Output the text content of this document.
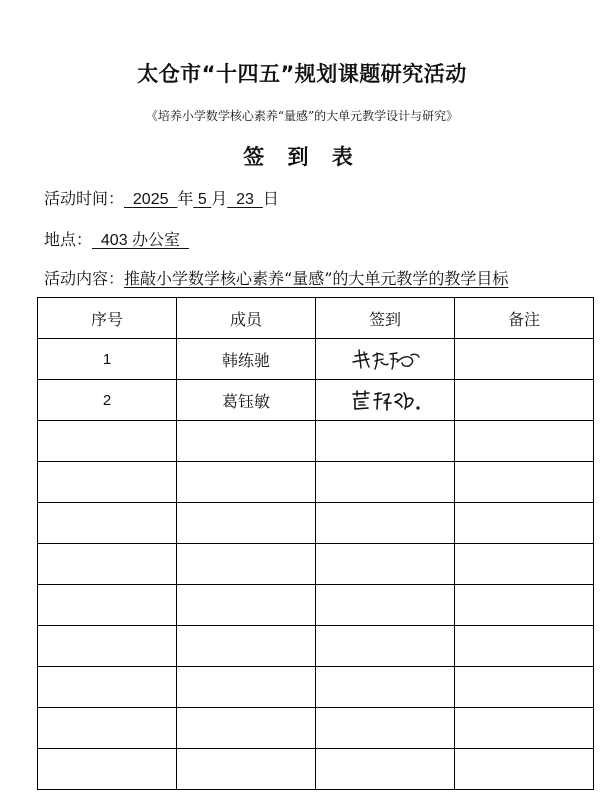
太仓市“十四五”规划课题研究活动
《培养小学数学核心素养“量感”的大单元教学设计与研究》
签 到 表
活动时间： 2025 年 5 月 23 日
地点： 403 办公室
活动内容：推敲小学数学核心素养“量感”的大单元教学的教学目标
序号	成员	签到	备注
1	韩练驰	

2	葛钰敏	
